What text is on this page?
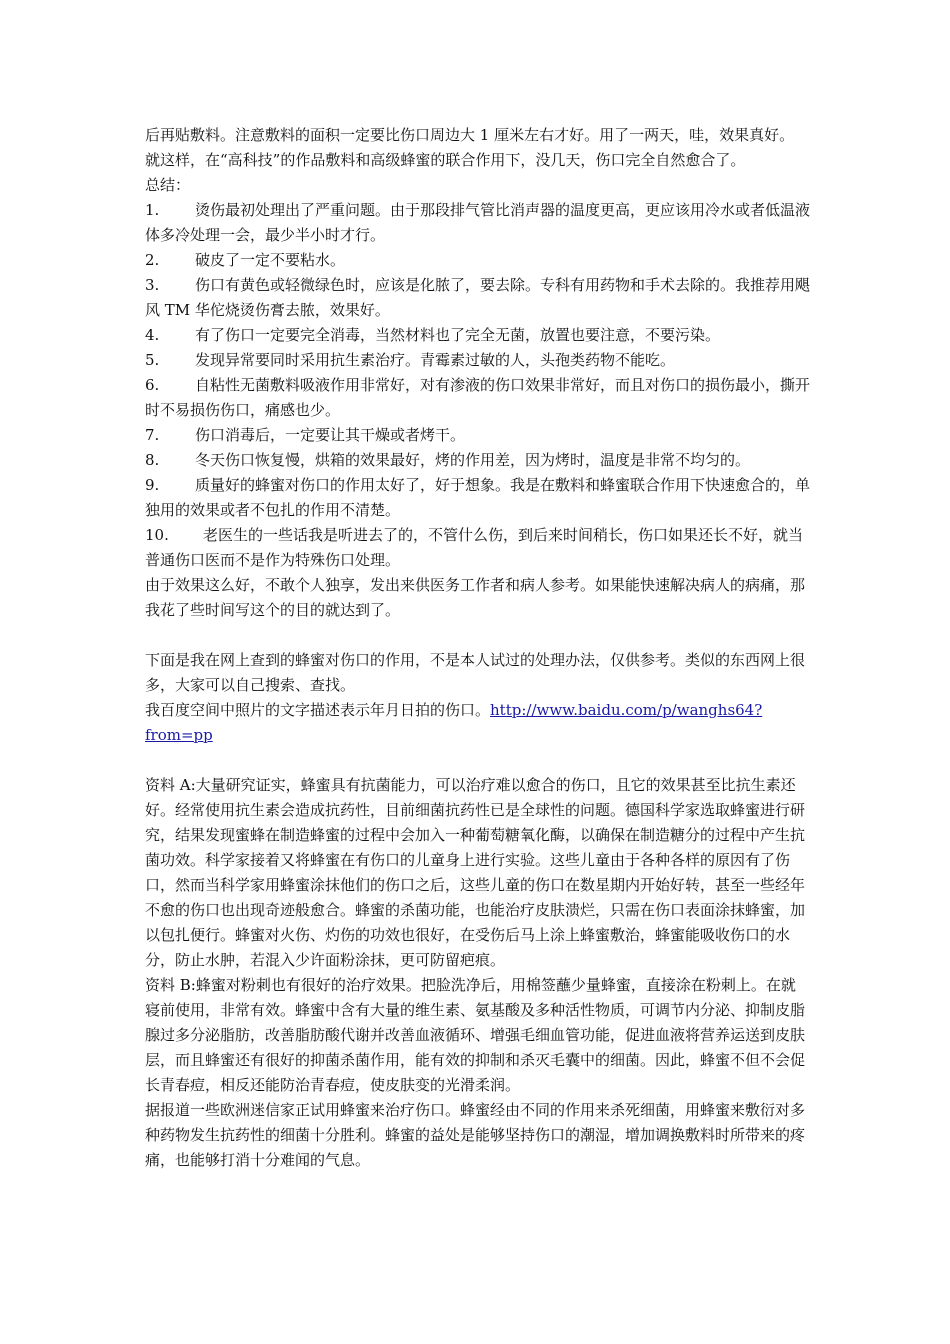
后再贴敷料。注意敷料的面积一定要比伤口周边大 1 厘米左右才好。用了一两天，哇，效果真好。

就这样，在“高科技”的作品敷料和高级蜂蜜的联合作用下，没几天，伤口完全自然愈合了。

总结：

1. 烫伤最初处理出了严重问题。由于那段排气管比消声器的温度更高，更应该用冷水或者低温液体多冷处理一会，最少半小时才行。

2. 破皮了一定不要粘水。

3. 伤口有黄色或轻微绿色时，应该是化脓了，要去除。专科有用药物和手术去除的。我推荐用飓风 TM 华佗烧烫伤膏去脓，效果好。

4. 有了伤口一定要完全消毒，当然材料也了完全无菌，放置也要注意，不要污染。

5. 发现异常要同时采用抗生素治疗。青霉素过敏的人，头孢类药物不能吃。

6. 自粘性无菌敷料吸液作用非常好，对有渗液的伤口效果非常好，而且对伤口的损伤最小，撕开时不易损伤伤口，痛感也少。

7. 伤口消毒后，一定要让其干燥或者烤干。

8. 冬天伤口恢复慢，烘箱的效果最好，烤的作用差，因为烤时，温度是非常不均匀的。

9. 质量好的蜂蜜对伤口的作用太好了，好于想象。我是在敷料和蜂蜜联合作用下快速愈合的，单独用的效果或者不包扎的作用不清楚。

10. 老医生的一些话我是听进去了的，不管什么伤，到后来时间稍长，伤口如果还长不好，就当普通伤口医而不是作为特殊伤口处理。

由于效果这么好，不敢个人独享，发出来供医务工作者和病人参考。如果能快速解决病人的病痛，那我花了些时间写这个的目的就达到了。

下面是我在网上查到的蜂蜜对伤口的作用，不是本人试过的处理办法，仅供参考。类似的东西网上很多，大家可以自己搜索、查找。

我百度空间中照片的文字描述表示年月日拍的伤口。http://www.baidu.com/p/wanghs64?
from=pp

资料 A:大量研究证实，蜂蜜具有抗菌能力，可以治疗难以愈合的伤口，且它的效果甚至比抗生素还好。经常使用抗生素会造成抗药性，目前细菌抗药性已是全球性的问题。德国科学家选取蜂蜜进行研究，结果发现蜜蜂在制造蜂蜜的过程中会加入一种葡萄糖氧化酶，以确保在制造糖分的过程中产生抗菌功效。科学家接着又将蜂蜜在有伤口的儿童身上进行实验。这些儿童由于各种各样的原因有了伤口，然而当科学家用蜂蜜涂抹他们的伤口之后，这些儿童的伤口在数星期内开始好转，甚至一些经年不愈的伤口也出现奇迹般愈合。蜂蜜的杀菌功能，也能治疗皮肤溃烂，只需在伤口表面涂抹蜂蜜，加以包扎便行。蜂蜜对火伤、灼伤的功效也很好，在受伤后马上涂上蜂蜜敷治，蜂蜜能吸收伤口的水分，防止水肿，若混入少许面粉涂抹，更可防留疤痕。

资料 B:蜂蜜对粉刺也有很好的治疗效果。把脸洗净后，用棉签蘸少量蜂蜜，直接涂在粉刺上。在就寝前使用，非常有效。蜂蜜中含有大量的维生素、氨基酸及多种活性物质，可调节内分泌、抑制皮脂腺过多分泌脂肪，改善脂肪酸代谢并改善血液循环、增强毛细血管功能，促进血液将营养运送到皮肤层，而且蜂蜜还有很好的抑菌杀菌作用，能有效的抑制和杀灭毛囊中的细菌。因此，蜂蜜不但不会促长青春痘，相反还能防治青春痘，使皮肤变的光滑柔润。

据报道一些欧洲迷信家正试用蜂蜜来治疗伤口。蜂蜜经由不同的作用来杀死细菌，用蜂蜜来敷衍对多种药物发生抗药性的细菌十分胜利。蜂蜜的益处是能够坚持伤口的潮湿，增加调换敷料时所带来的疼痛，也能够打消十分难闻的气息。
